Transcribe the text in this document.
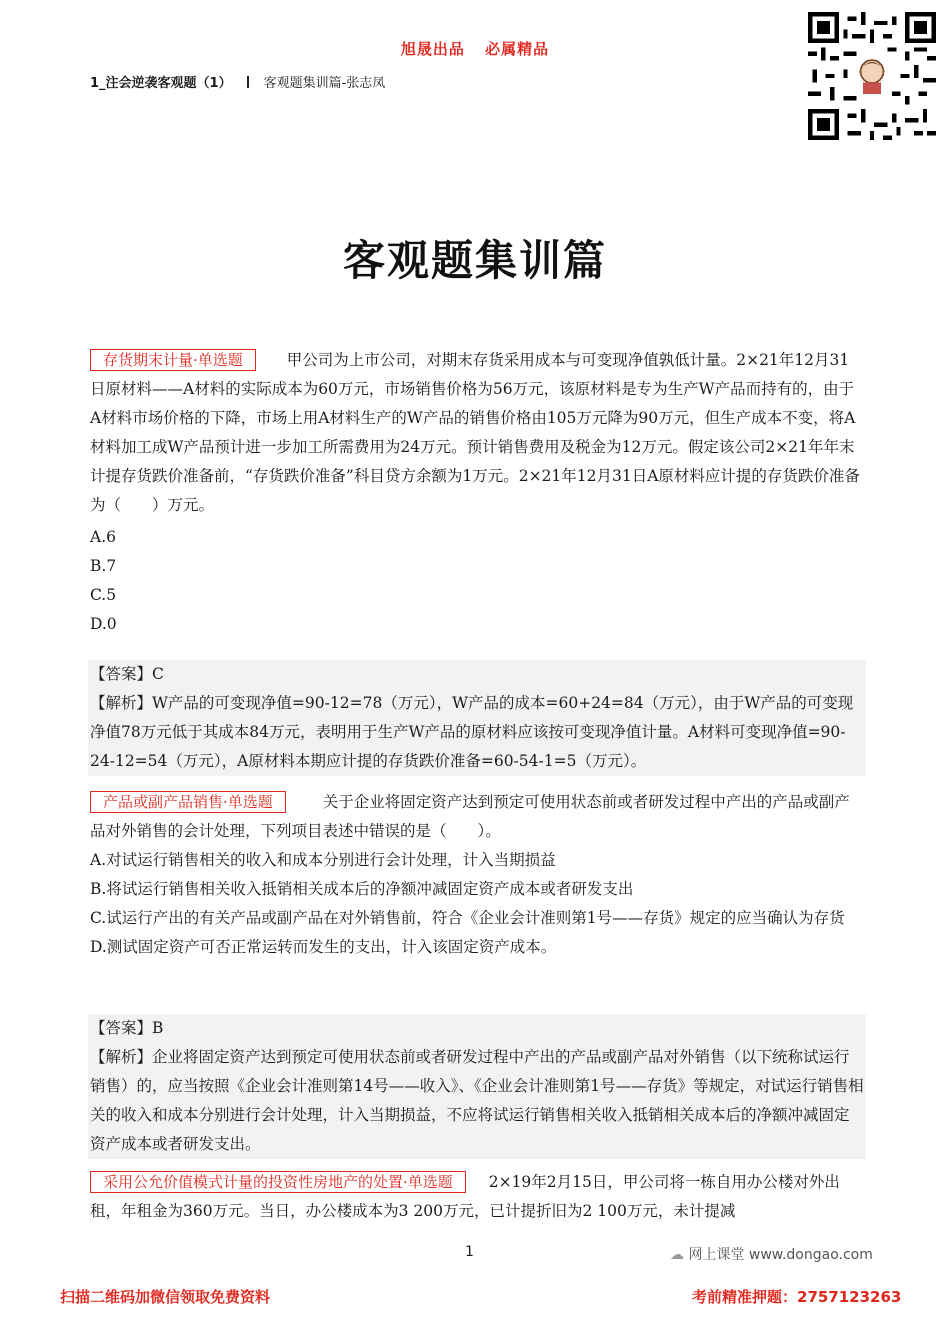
旭晟出品 必属精品
1_注会逆袭客观题（1） 客观题集训篇-张志凤
客观题集训篇
存货期末计量·单选题	甲公司为上市公司，对期末存货采用成本与可变现净值孰低计量。2×21年12月31日原材料——A材料的实际成本为60万元，市场销售价格为56万元，该原材料是专为生产W产品而持有的，由于A材料市场价格的下降，市场上用A材料生产的W产品的销售价格由105万元降为90万元，但生产成本不变，将A材料加工成W产品预计进一步加工所需费用为24万元。预计销售费用及税金为12万元。假定该公司2×21年年末计提存货跌价准备前，“存货跌价准备”科目贷方余额为1万元。2×21年12月31日A原材料应计提的存货跌价准备为（　　）万元。

A.6

B.7

C.5

D.0

【答案】C

【解析】W产品的可变现净值=90-12=78（万元），W产品的成本=60+24=84（万元），由于W产品的可变现净值78万元低于其成本84万元，表明用于生产W产品的原材料应该按可变现净值计量。A材料可变现净值=90-24-12=54（万元），A原材料本期应计提的存货跌价准备=60-54-1=5（万元）。

产品或副产品销售·单选题	关于企业将固定资产达到预定可使用状态前或者研发过程中产出的产品或副产品对外销售的会计处理，下列项目表述中错误的是（　　）。

A.对试运行销售相关的收入和成本分别进行会计处理，计入当期损益

B.将试运行销售相关收入抵销相关成本后的净额冲减固定资产成本或者研发支出

C.试运行产出的有关产品或副产品在对外销售前，符合《企业会计准则第1号——存货》规定的应当确认为存货

D.测试固定资产可否正常运转而发生的支出，计入该固定资产成本。

【答案】B

【解析】企业将固定资产达到预定可使用状态前或者研发过程中产出的产品或副产品对外销售（以下统称试运行销售）的，应当按照《企业会计准则第14号——收入》、《企业会计准则第1号——存货》等规定，对试运行销售相关的收入和成本分别进行会计处理，计入当期损益，不应将试运行销售相关收入抵销相关成本后的净额冲减固定资产成本或者研发支出。

采用公允价值模式计量的投资性房地产的处置·单选题 2×19年2月15日，甲公司将一栋自用办公楼对外出租，年租金为360万元。当日，办公楼成本为3 200万元，已计提折旧为2 100万元，未计提减
1	☁ 网上课堂 www.dongao.com
扫描二维码加微信领取免费资料	考前精准押题：2757123263
